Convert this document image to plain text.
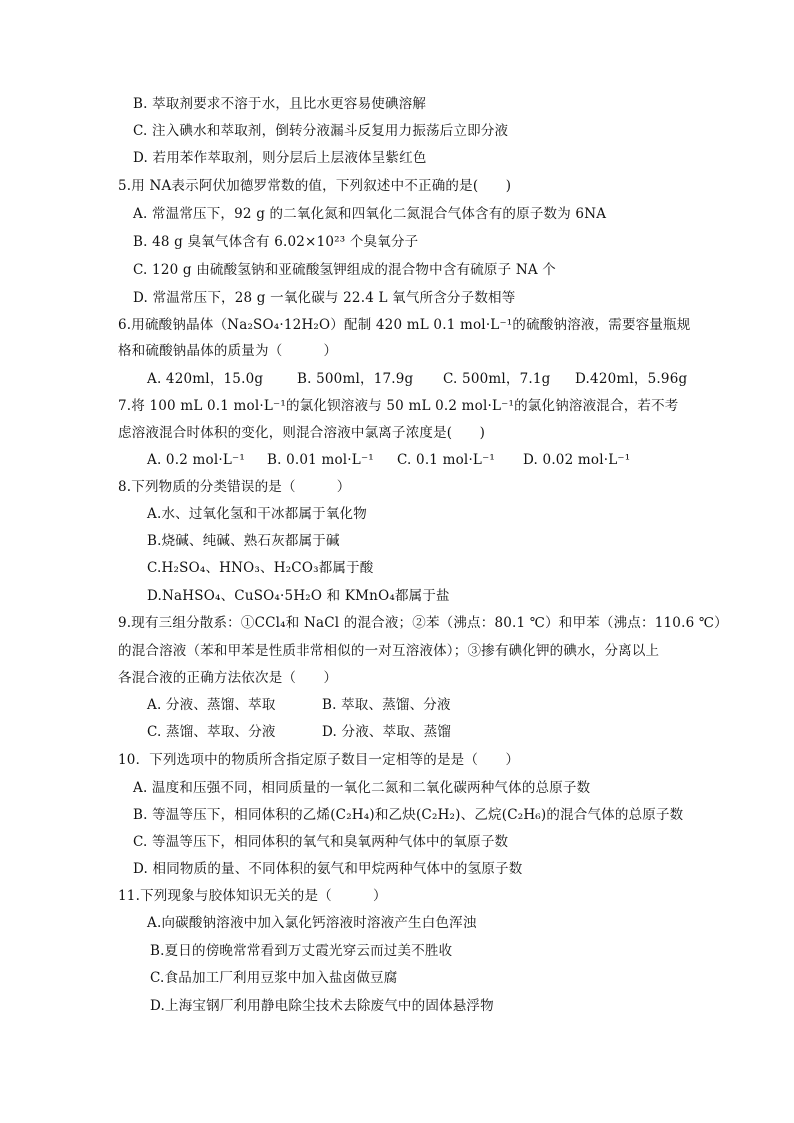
B. 萃取剂要求不溶于水，且比水更容易使碘溶解
C. 注入碘水和萃取剂，倒转分液漏斗反复用力振荡后立即分液
D. 若用苯作萃取剂，则分层后上层液体呈紫红色
5.用 NA表示阿伏加德罗常数的值，下列叙述中不正确的是(　　)
A. 常温常压下，92 g 的二氧化氮和四氧化二氮混合气体含有的原子数为 6NA
B. 48 g 臭氧气体含有 6.02×10²³ 个臭氧分子
C. 120 g 由硫酸氢钠和亚硫酸氢钾组成的混合物中含有硫原子 NA 个
D. 常温常压下，28 g 一氧化碳与 22.4 L 氧气所含分子数相等
6.用硫酸钠晶体（Na₂SO₄·12H₂O）配制 420 mL 0.1 mol·L⁻¹的硫酸钠溶液，需要容量瓶规
格和硫酸钠晶体的质量为（　　　）
A. 420ml，15.0g	B. 500ml，17.9g	C. 500ml，7.1g	D.420ml，5.96g
7.将 100 mL 0.1 mol·L⁻¹的氯化钡溶液与 50 mL 0.2 mol·L⁻¹的氯化钠溶液混合，若不考
虑溶液混合时体积的变化，则混合溶液中氯离子浓度是(　　)
A. 0.2 mol·L⁻¹	B. 0.01 mol·L⁻¹	C. 0.1 mol·L⁻¹	D. 0.02 mol·L⁻¹
8.下列物质的分类错误的是（　　　）
A.水、过氧化氢和干冰都属于氧化物
B.烧碱、纯碱、熟石灰都属于碱
C.H₂SO₄、HNO₃、H₂CO₃都属于酸
D.NaHSO₄、CuSO₄·5H₂O 和 KMnO₄都属于盐
9.现有三组分散系：①CCl₄和 NaCl 的混合液；②苯（沸点：80.1 ℃）和甲苯（沸点：110.6 ℃）
的混合溶液（苯和甲苯是性质非常相似的一对互溶液体）；③掺有碘化钾的碘水，分离以上
各混合液的正确方法依次是（　　）
A. 分液、蒸馏、萃取	B. 萃取、蒸馏、分液
C. 蒸馏、萃取、分液	D. 分液、萃取、蒸馏
10．下列选项中的物质所含指定原子数目一定相等的是是（　　）
A. 温度和压强不同，相同质量的一氧化二氮和二氧化碳两种气体的总原子数
B. 等温等压下，相同体积的乙烯(C₂H₄)和乙炔(C₂H₂)、乙烷(C₂H₆)的混合气体的总原子数
C. 等温等压下，相同体积的氧气和臭氧两种气体中的氧原子数
D. 相同物质的量、不同体积的氨气和甲烷两种气体中的氢原子数
11.下列现象与胶体知识无关的是（　　　）
A.向碳酸钠溶液中加入氯化钙溶液时溶液产生白色浑浊
B.夏日的傍晚常常看到万丈霞光穿云而过美不胜收
C.食品加工厂利用豆浆中加入盐卤做豆腐
D.上海宝钢厂利用静电除尘技术去除废气中的固体悬浮物
